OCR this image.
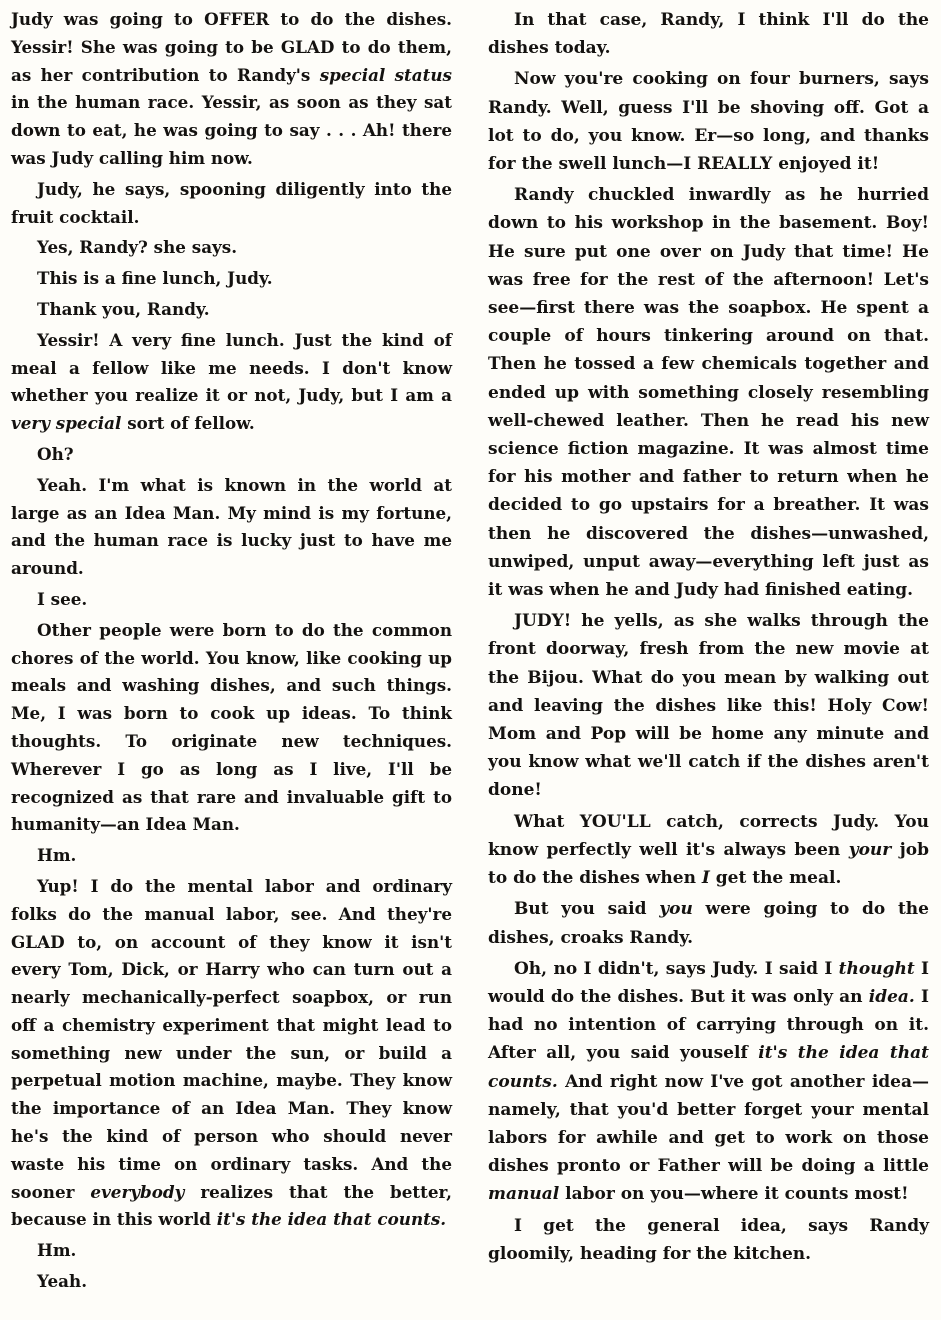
Judy was going to OFFER to do the dishes. Yessir! She was going to be GLAD to do them, as her contribution to Randy's special status in the human race. Yessir, as soon as they sat down to eat, he was going to say . . . Ah! there was Judy calling him now.

Judy, he says, spooning diligently into the fruit cocktail.

Yes, Randy? she says.

This is a fine lunch, Judy.

Thank you, Randy.

Yessir! A very fine lunch. Just the kind of meal a fellow like me needs. I don't know whether you realize it or not, Judy, but I am a very special sort of fellow.

Oh?

Yeah. I'm what is known in the world at large as an Idea Man. My mind is my fortune, and the human race is lucky just to have me around.

I see.

Other people were born to do the common chores of the world. You know, like cooking up meals and washing dishes, and such things. Me, I was born to cook up ideas. To think thoughts. To originate new techniques. Wherever I go as long as I live, I'll be recognized as that rare and invaluable gift to humanity—an Idea Man.

Hm.

Yup! I do the mental labor and ordinary folks do the manual labor, see. And they're GLAD to, on account of they know it isn't every Tom, Dick, or Harry who can turn out a nearly mechanically-perfect soapbox, or run off a chemistry experiment that might lead to something new under the sun, or build a perpetual motion machine, maybe. They know the importance of an Idea Man. They know he's the kind of person who should never waste his time on ordinary tasks. And the sooner everybody realizes that the better, because in this world it's the idea that counts.

Hm.

Yeah.

In that case, Randy, I think I'll do the dishes today.

Now you're cooking on four burners, says Randy. Well, guess I'll be shoving off. Got a lot to do, you know. Er—so long, and thanks for the swell lunch—I REALLY enjoyed it!

Randy chuckled inwardly as he hurried down to his workshop in the basement. Boy! He sure put one over on Judy that time! He was free for the rest of the afternoon! Let's see—first there was the soapbox. He spent a couple of hours tinkering around on that. Then he tossed a few chemicals together and ended up with something closely resembling well-chewed leather. Then he read his new science fiction magazine. It was almost time for his mother and father to return when he decided to go upstairs for a breather. It was then he discovered the dishes—unwashed, unwiped, unput away—everything left just as it was when he and Judy had finished eating.

JUDY! he yells, as she walks through the front doorway, fresh from the new movie at the Bijou. What do you mean by walking out and leaving the dishes like this! Holy Cow! Mom and Pop will be home any minute and you know what we'll catch if the dishes aren't done!

What YOU'LL catch, corrects Judy. You know perfectly well it's always been your job to do the dishes when I get the meal.

But you said you were going to do the dishes, croaks Randy.

Oh, no I didn't, says Judy. I said I thought I would do the dishes. But it was only an idea. I had no intention of carrying through on it. After all, you said youself it's the idea that counts. And right now I've got another idea—namely, that you'd better forget your mental labors for awhile and get to work on those dishes pronto or Father will be doing a little manual labor on you—where it counts most!

I get the general idea, says Randy gloomily, heading for the kitchen.
